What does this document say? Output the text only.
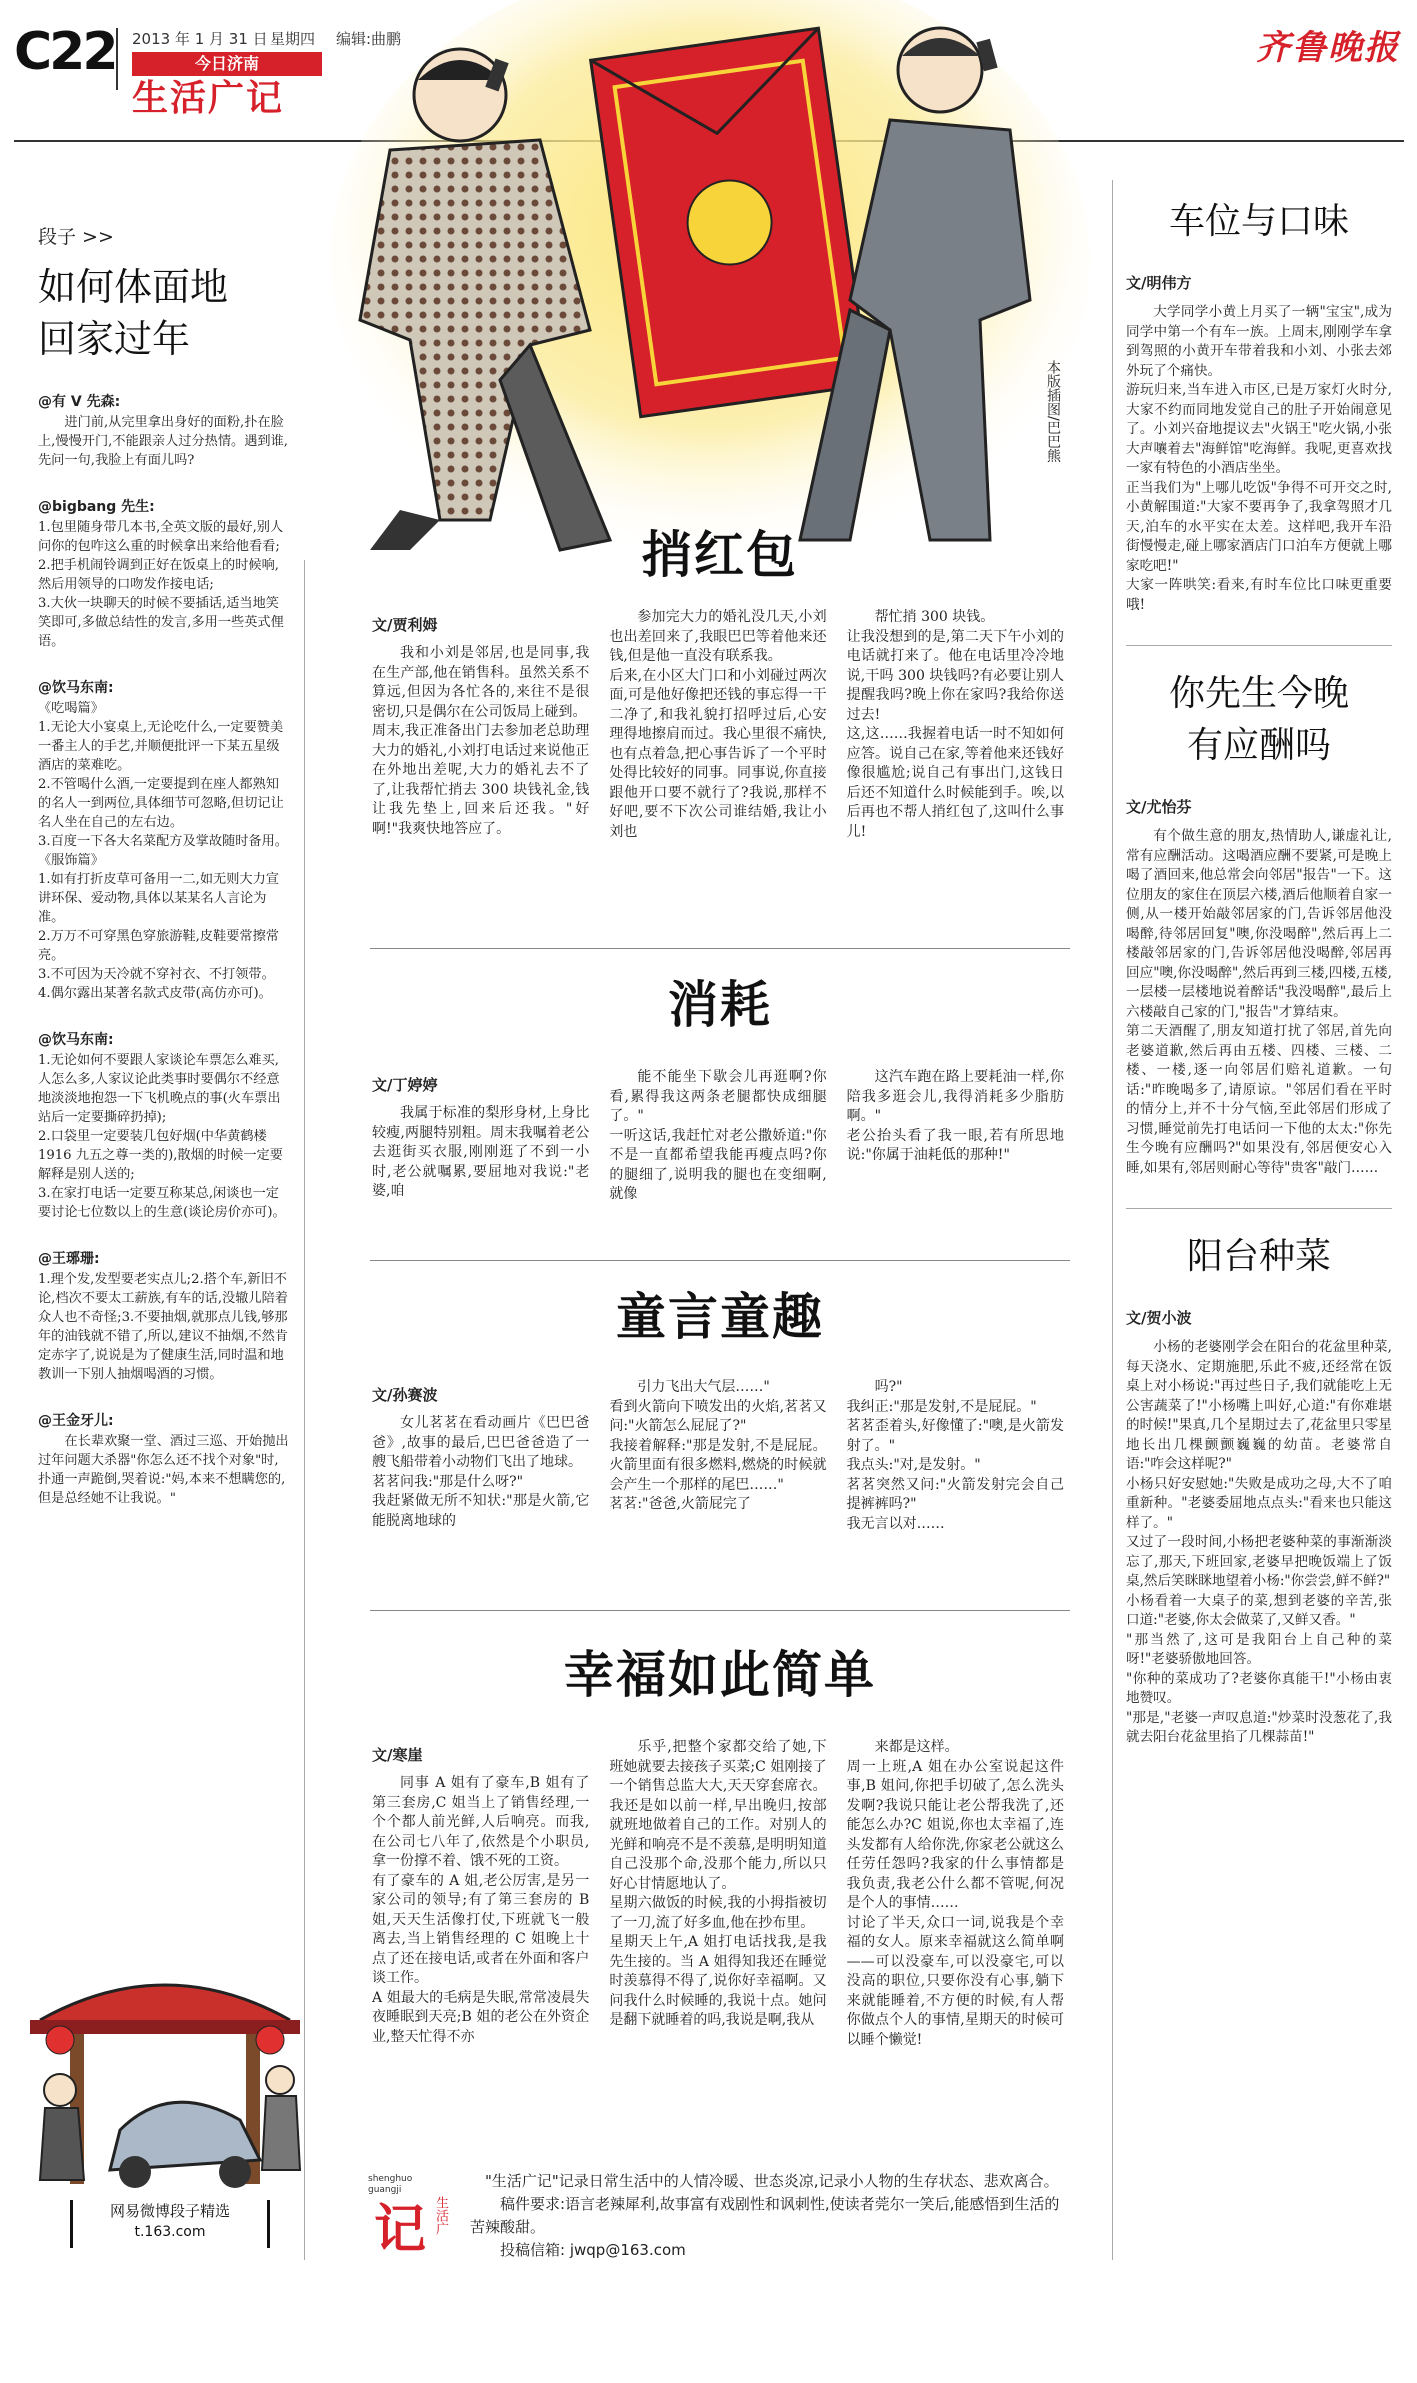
C22 2013 年 1 月 31 日 星期四 编辑:曲鹏
今日济南
生活广记
齐鲁晚报
本版插图/巴巴熊
段子 >>
如何体面地
回家过年
@有 V 先森:
进门前,从完里拿出身好的面粉,扑在脸上,慢慢开门,不能跟亲人过分热情。遇到谁,先问一句,我脸上有面儿吗?
@bigbang 先生:
1.包里随身带几本书,全英文版的最好,别人问你的包咋这么重的时候拿出来给他看看;
2.把手机闹铃调到正好在饭桌上的时候响,然后用领导的口吻发作接电话;
3.大伙一块聊天的时候不要插话,适当地笑笑即可,多做总结性的发言,多用一些英式俚语。
@饮马东南:
《吃喝篇》
1.无论大小宴桌上,无论吃什么,一定要赞美一番主人的手艺,并顺便批评一下某五星级酒店的菜难吃。
2.不管喝什么酒,一定要提到在座人都熟知的名人一到两位,具体细节可忽略,但切记让名人坐在自己的左右边。
3.百度一下各大名菜配方及掌故随时备用。
《服饰篇》
1.如有打折皮草可备用一二,如无则大力宣讲环保、爱动物,具体以某某名人言论为准。
2.万万不可穿黑色穿旅游鞋,皮鞋要常擦常亮。
3.不可因为天冷就不穿衬衣、不打领带。
4.偶尔露出某著名款式皮带(高仿亦可)。
@饮马东南:
1.无论如何不要跟人家谈论车票怎么难买,人怎么多,人家议论此类事时要偶尔不经意地淡淡地抱怨一下飞机晚点的事(火车票出站后一定要撕碎扔掉);
2.口袋里一定要装几包好烟(中华黄鹤楼 1916 九五之尊一类的),散烟的时候一定要解释是别人送的;
3.在家打电话一定要互称某总,闲谈也一定要讨论七位数以上的生意(谈论房价亦可)。
@王琊珊:
1.理个发,发型要老实点儿;2.搭个车,新旧不论,档次不要太工薪族,有车的话,没辙儿陪着众人也不奇怪;3.不要抽烟,就那点儿钱,够那年的油钱就不错了,所以,建议不抽烟,不然肯定赤字了,说说是为了健康生活,同时温和地教训一下别人抽烟喝酒的习惯。
@王金牙儿:
在长辈欢聚一堂、酒过三巡、开始抛出过年问题大杀器"你怎么还不找个对象"时,扑通一声跪倒,哭着说:"妈,本来不想瞒您的,但是总经她不让我说。"
网易微博段子精选
t.163.com
捎红包
文/贾利姆
我和小刘是邻居,也是同事,我在生产部,他在销售科。虽然关系不算远,但因为各忙各的,来往不是很密切,只是偶尔在公司饭局上碰到。
周末,我正准备出门去参加老总助理大力的婚礼,小刘打电话过来说他正在外地出差呢,大力的婚礼去不了了,让我帮忙捎去 300 块钱礼金,钱让我先垫上,回来后还我。"好啊!"我爽快地答应了。
参加完大力的婚礼没几天,小刘也出差回来了,我眼巴巴等着他来还钱,但是他一直没有联系我。
后来,在小区大门口和小刘碰过两次面,可是他好像把还钱的事忘得一干二净了,和我礼貌打招呼过后,心安理得地擦肩而过。我心里很不痛快,也有点着急,把心事告诉了一个平时处得比较好的同事。同事说,你直接跟他开口要不就行了?我说,那样不好吧,要不下次公司谁结婚,我让小刘也
帮忙捎 300 块钱。
让我没想到的是,第二天下午小刘的电话就打来了。他在电话里冷冷地说,干吗 300 块钱吗?有必要让别人提醒我吗?晚上你在家吗?我给你送过去!
这,这……我握着电话一时不知如何应答。说自己在家,等着他来还钱好像很尴尬;说自己有事出门,这钱日后还不知道什么时候能到手。唉,以后再也不帮人捎红包了,这叫什么事儿!
消耗
文/丁婷婷
我属于标准的梨形身材,上身比较瘦,两腿特别粗。周末我嘱着老公去逛街买衣服,刚刚逛了不到一小时,老公就嘱累,要屈地对我说:"老婆,咱
能不能坐下歇会儿再逛啊?你看,累得我这两条老腿都快成细腿了。"
一听这话,我赶忙对老公撒娇道:"你不是一直都希望我能再瘦点吗?你的腿细了,说明我的腿也在变细啊,就像
这汽车跑在路上要耗油一样,你陪我多逛会儿,我得消耗多少脂肪啊。"
老公抬头看了我一眼,若有所思地说:"你属于油耗低的那种!"
童言童趣
文/孙赛波
女儿茗茗在看动画片《巴巴爸爸》,故事的最后,巴巴爸爸造了一艘飞船带着小动物们飞出了地球。
茗茗问我:"那是什么呀?"
我赶紧做无所不知状:"那是火箭,它能脱离地球的
引力飞出大气层……"
看到火箭向下喷发出的火焰,茗茗又问:"火箭怎么屁屁了?"
我接着解释:"那是发射,不是屁屁。火箭里面有很多燃料,燃烧的时候就会产生一个那样的尾巴……"
茗茗:"爸爸,火箭屁完了
吗?"
我纠正:"那是发射,不是屁屁。"
茗茗歪着头,好像懂了:"噢,是火箭发射了。"
我点头:"对,是发射。"
茗茗突然又问:"火箭发射完会自己提裤裤吗?"
我无言以对……
幸福如此简单
文/寒崖
同事 A 姐有了豪车,B 姐有了第三套房,C 姐当上了销售经理,一个个都人前光鲜,人后响亮。而我,在公司七八年了,依然是个小职员,拿一份撑不着、饿不死的工资。
有了豪车的 A 姐,老公厉害,是另一家公司的领导;有了第三套房的 B 姐,天天生活像打仗,下班就飞一般离去,当上销售经理的 C 姐晚上十点了还在接电话,或者在外面和客户谈工作。
A 姐最大的毛病是失眠,常常凌晨失夜睡眠到天亮;B 姐的老公在外资企业,整天忙得不亦
乐乎,把整个家都交给了她,下班她就要去接孩子买菜;C 姐刚接了一个销售总监大大,天天穿套席衣。我还是如以前一样,早出晚归,按部就班地做着自己的工作。对别人的光鲜和响亮不是不羡慕,是明明知道自己没那个命,没那个能力,所以只好心甘情愿地认了。
星期六做饭的时候,我的小拇指被切了一刀,流了好多血,他在抄布里。
星期天上午,A 姐打电话找我,是我先生接的。当 A 姐得知我还在睡觉时羡慕得不得了,说你好幸福啊。又问我什么时候睡的,我说十点。她问是翻下就睡着的吗,我说是啊,我从
来都是这样。
周一上班,A 姐在办公室说起这件事,B 姐问,你把手切破了,怎么洗头发啊?我说只能让老公帮我洗了,还能怎么办?C 姐说,你也太幸福了,连头发都有人给你洗,你家老公就这么任劳任怨吗?我家的什么事情都是我负责,我老公什么都不管呢,何况是个人的事情……
讨论了半天,众口一词,说我是个幸福的女人。原来幸福就这么简单啊——可以没豪车,可以没豪宅,可以没高的职位,只要你没有心事,躺下来就能睡着,不方便的时候,有人帮你做点个人的事情,星期天的时候可以睡个懒觉!
shenghuo guangji
记 生活广
"生活广记"记录日常生活中的人情冷暖、世态炎凉,记录小人物的生存状态、悲欢离合。
稿件要求:语言老辣犀利,故事富有戏剧性和讽刺性,使读者莞尔一笑后,能感悟到生活的苦辣酸甜。
投稿信箱: jwqp@163.com
车位与口味
文/明伟方
大学同学小黄上月买了一辆"宝宝",成为同学中第一个有车一族。上周末,刚刚学车拿到驾照的小黄开车带着我和小刘、小张去郊外玩了个痛快。
游玩归来,当车进入市区,已是万家灯火时分,大家不约而同地发觉自己的肚子开始闹意见了。小刘兴奋地提议去"火锅王"吃火锅,小张大声嚷着去"海鲜馆"吃海鲜。我呢,更喜欢找一家有特色的小酒店坐坐。
正当我们为"上哪儿吃饭"争得不可开交之时,小黄解围道:"大家不要再争了,我拿驾照才几天,泊车的水平实在太差。这样吧,我开车沿街慢慢走,碰上哪家酒店门口泊车方便就上哪家吃吧!"
大家一阵哄笑:看来,有时车位比口味更重要哦!
你先生今晚
有应酬吗
文/尤怡芬
有个做生意的朋友,热情助人,谦虚礼让,常有应酬活动。这喝酒应酬不要紧,可是晚上喝了酒回来,他总常会向邻居"报告"一下。这位朋友的家住在顶层六楼,酒后他顺着自家一侧,从一楼开始敲邻居家的门,告诉邻居他没喝醉,待邻居回复"噢,你没喝醉",然后再上二楼敲邻居家的门,告诉邻居他没喝醉,邻居再回应"噢,你没喝醉",然后再到三楼,四楼,五楼,一层楼一层楼地说着醉话"我没喝醉",最后上六楼敲自己家的门,"报告"才算结束。
第二天酒醒了,朋友知道打扰了邻居,首先向老婆道歉,然后再由五楼、四楼、三楼、二楼、一楼,逐一向邻居们赔礼道歉。一句话:"昨晚喝多了,请原谅。"邻居们看在平时的情分上,并不十分气恼,至此邻居们形成了习惯,睡觉前先打电话问一下他的太太:"你先生今晚有应酬吗?"如果没有,邻居便安心入睡,如果有,邻居则耐心等待"贵客"敲门……
阳台种菜
文/贺小波
小杨的老婆刚学会在阳台的花盆里种菜,每天浇水、定期施肥,乐此不疲,还经常在饭桌上对小杨说:"再过些日子,我们就能吃上无公害蔬菜了!"小杨嘴上叫好,心道:"有你难堪的时候!"果真,几个星期过去了,花盆里只零星地长出几棵颤颤巍巍的幼苗。老婆常自语:"咋会这样呢?"
小杨只好安慰她:"失败是成功之母,大不了咱重新种。"老婆委屈地点点头:"看来也只能这样了。"
又过了一段时间,小杨把老婆种菜的事渐渐淡忘了,那天,下班回家,老婆早把晚饭端上了饭桌,然后笑眯眯地望着小杨:"你尝尝,鲜不鲜?"
小杨看着一大桌子的菜,想到老婆的辛苦,张口道:"老婆,你太会做菜了,又鲜又香。"
"那当然了,这可是我阳台上自己种的菜呀!"老婆骄傲地回答。
"你种的菜成功了?老婆你真能干!"小杨由衷地赞叹。
"那是,"老婆一声叹息道:"炒菜时没葱花了,我就去阳台花盆里掐了几棵蒜苗!"
